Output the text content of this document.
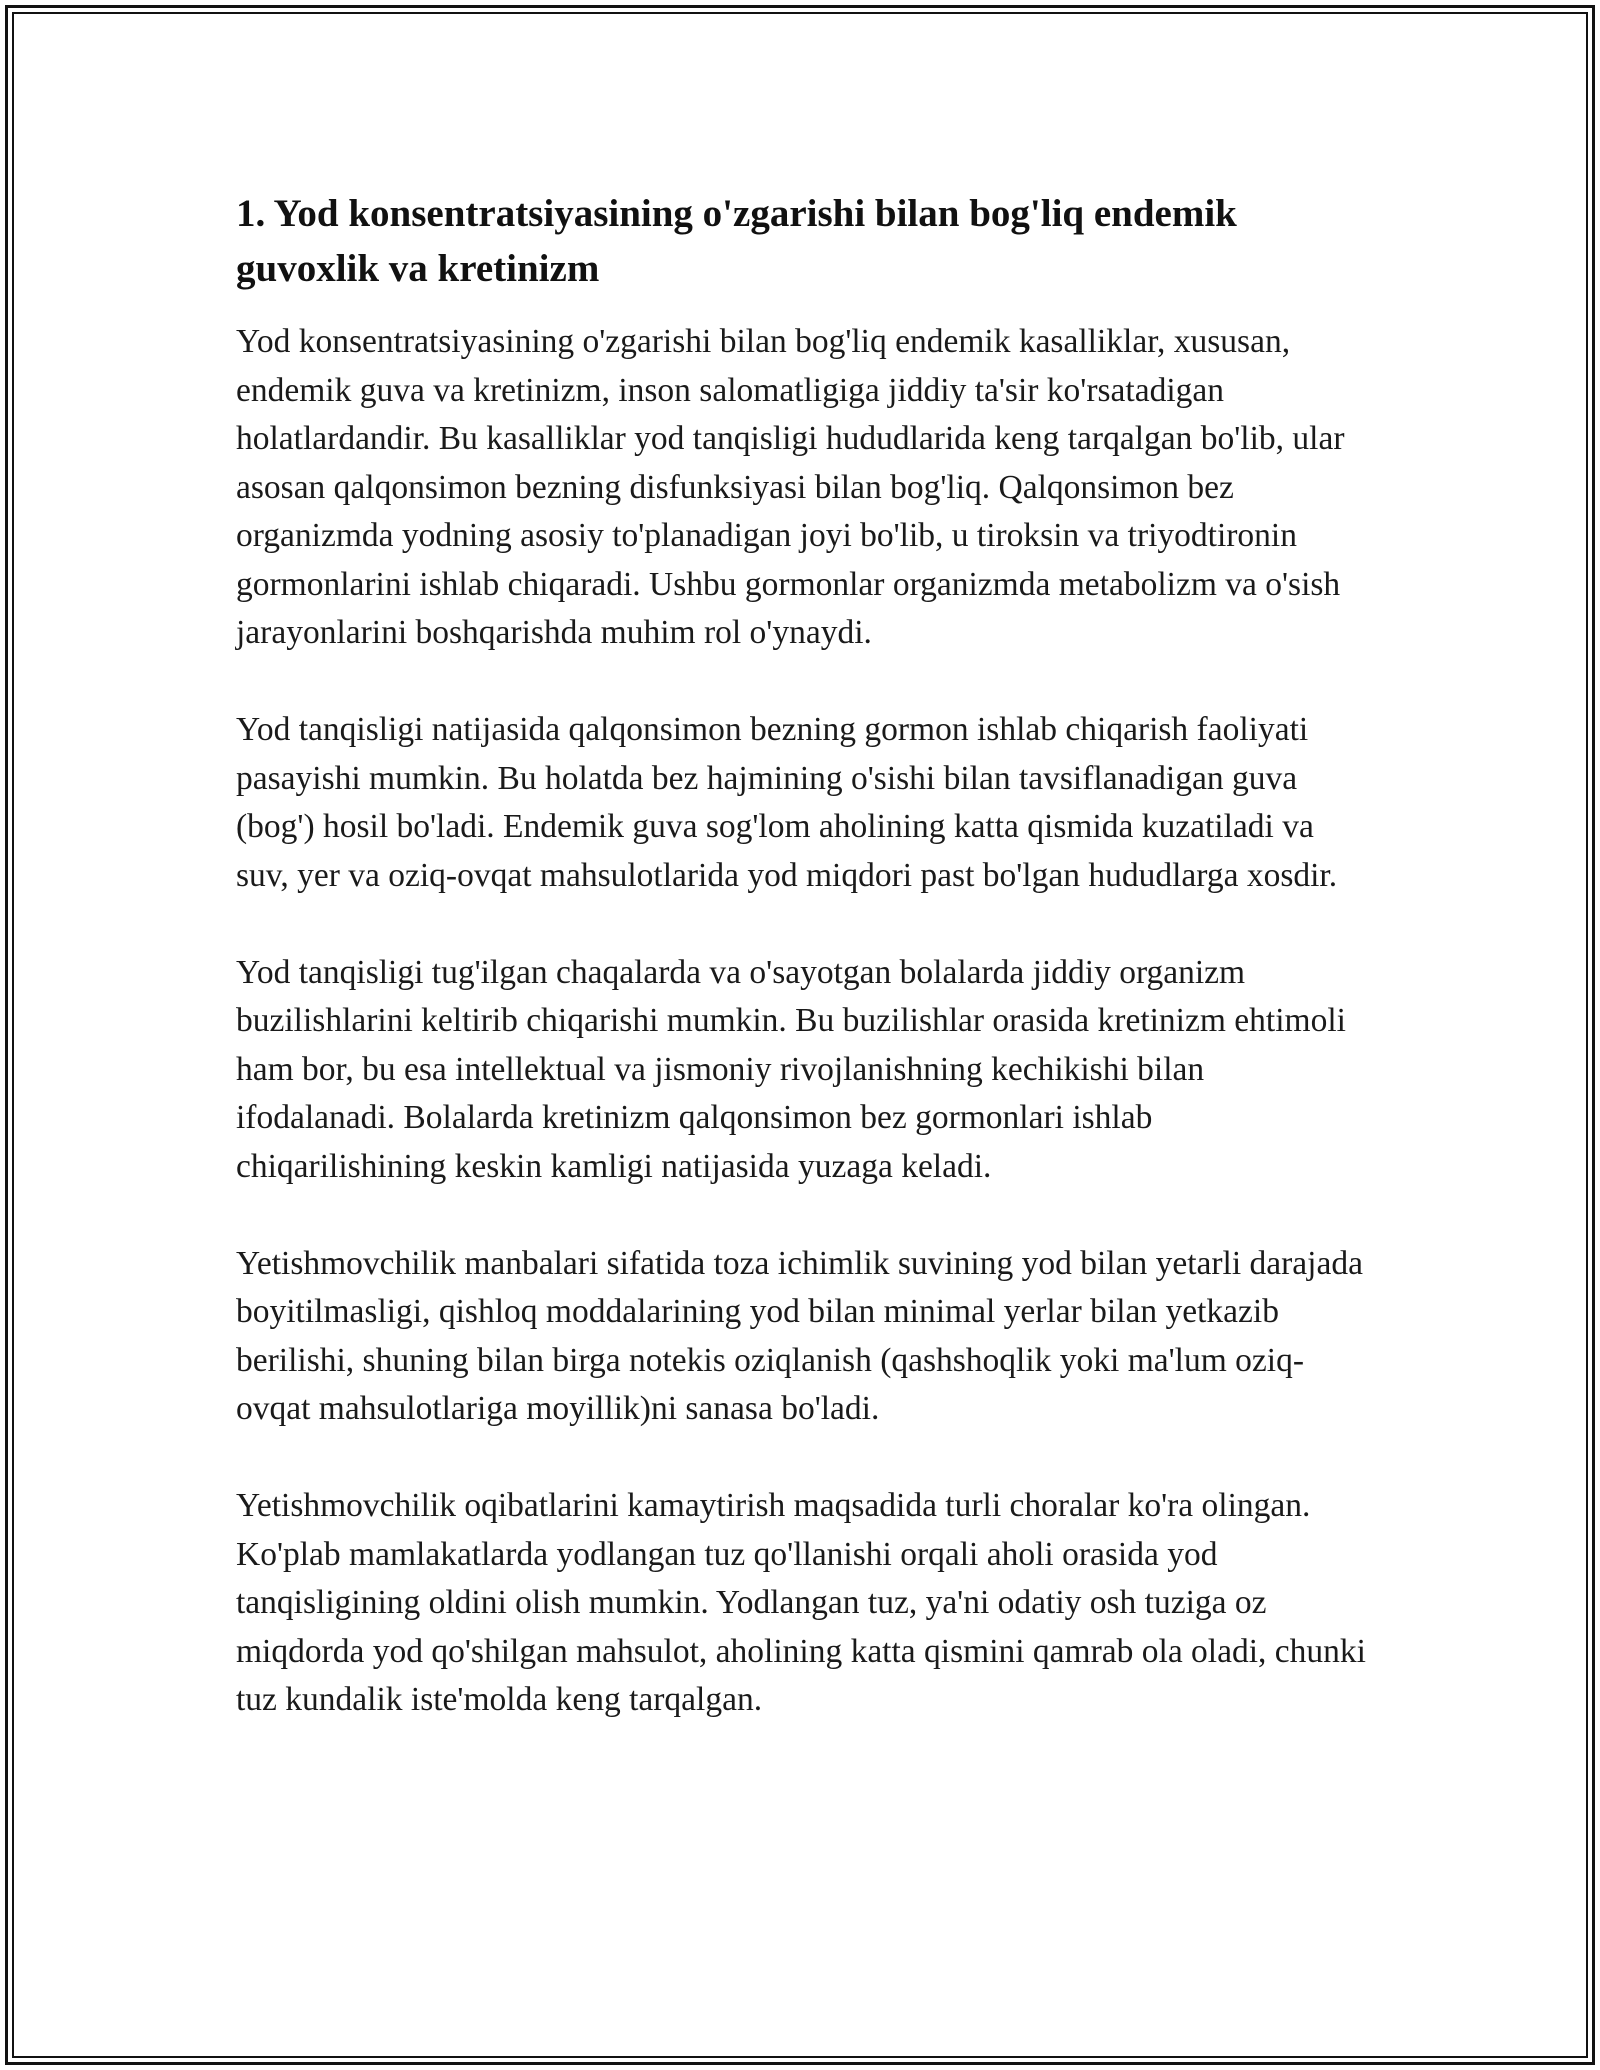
1. Yod konsentratsiyasining o'zgarishi bilan bog'liq endemik guvoxlik va kretinizm

Yod konsentratsiyasining o'zgarishi bilan bog'liq endemik kasalliklar, xususan, endemik guva va kretinizm, inson salomatligiga jiddiy ta'sir ko'rsatadigan holatlardandir. Bu kasalliklar yod tanqisligi hududlarida keng tarqalgan bo'lib, ular asosan qalqonsimon bezning disfunksiyasi bilan bog'liq. Qalqonsimon bez organizmda yodning asosiy to'planadigan joyi bo'lib, u tiroksin va triyodtironin gormonlarini ishlab chiqaradi. Ushbu gormonlar organizmda metabolizm va o'sish jarayonlarini boshqarishda muhim rol o'ynaydi.

Yod tanqisligi natijasida qalqonsimon bezning gormon ishlab chiqarish faoliyati pasayishi mumkin. Bu holatda bez hajmining o'sishi bilan tavsiflanadigan guva (bog') hosil bo'ladi. Endemik guva sog'lom aholining katta qismida kuzatiladi va suv, yer va oziq-ovqat mahsulotlarida yod miqdori past bo'lgan hududlarga xosdir.

Yod tanqisligi tug'ilgan chaqalarda va o'sayotgan bolalarda jiddiy organizm buzilishlarini keltirib chiqarishi mumkin. Bu buzilishlar orasida kretinizm ehtimoli ham bor, bu esa intellektual va jismoniy rivojlanishning kechikishi bilan ifodalanadi. Bolalarda kretinizm qalqonsimon bez gormonlari ishlab chiqarilishining keskin kamligi natijasida yuzaga keladi.

Yetishmovchilik manbalari sifatida toza ichimlik suvining yod bilan yetarli darajada boyitilmasligi, qishloq moddalarining yod bilan minimal yerlar bilan yetkazib berilishi, shuning bilan birga notekis oziqlanish (qashshoqlik yoki ma'lum oziq-ovqat mahsulotlariga moyillik)ni sanasa bo'ladi.

Yetishmovchilik oqibatlarini kamaytirish maqsadida turli choralar ko'ra olingan. Ko'plab mamlakatlarda yodlangan tuz qo'llanishi orqali aholi orasida yod tanqisligining oldini olish mumkin. Yodlangan tuz, ya'ni odatiy osh tuziga oz miqdorda yod qo'shilgan mahsulot, aholining katta qismini qamrab ola oladi, chunki tuz kundalik iste'molda keng tarqalgan.
